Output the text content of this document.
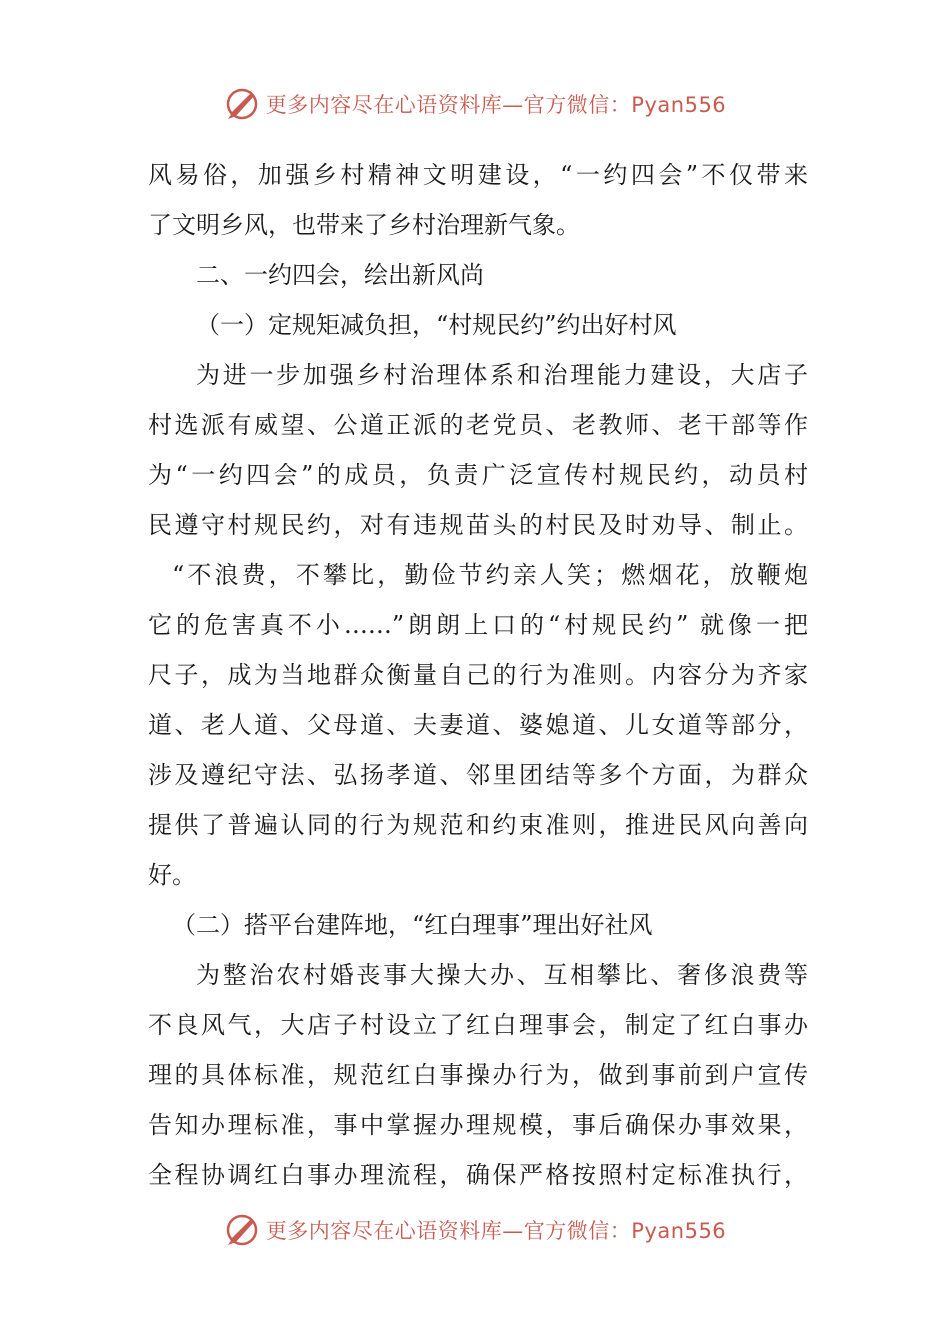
更多内容尽在心语资料库—官方微信：Pyan556
风易俗，加强乡村精神文明建设，“一约四会”不仅带来
了文明乡风，也带来了乡村治理新气象。
二、一约四会，绘出新风尚
（一）定规矩减负担，“村规民约”约出好村风
为进一步加强乡村治理体系和治理能力建设，大店子
村选派有威望、公道正派的老党员、老教师、老干部等作
为“一约四会”的成员，负责广泛宣传村规民约，动员村
民遵守村规民约，对有违规苗头的村民及时劝导、制止。
“不浪费，不攀比，勤俭节约亲人笑；燃烟花，放鞭炮
它的危害真不小……”朗朗上口的“村规民约” 就像一把
尺子，成为当地群众衡量自己的行为准则。内容分为齐家
道、老人道、父母道、夫妻道、婆媳道、儿女道等部分，
涉及遵纪守法、弘扬孝道、邻里团结等多个方面，为群众
提供了普遍认同的行为规范和约束准则，推进民风向善向
好。
（二）搭平台建阵地，“红白理事”理出好社风
为整治农村婚丧事大操大办、互相攀比、奢侈浪费等
不良风气，大店子村设立了红白理事会，制定了红白事办
理的具体标准，规范红白事操办行为，做到事前到户宣传
告知办理标准，事中掌握办理规模，事后确保办事效果，
全程协调红白事办理流程，确保严格按照村定标准执行，
更多内容尽在心语资料库—官方微信：Pyan556
